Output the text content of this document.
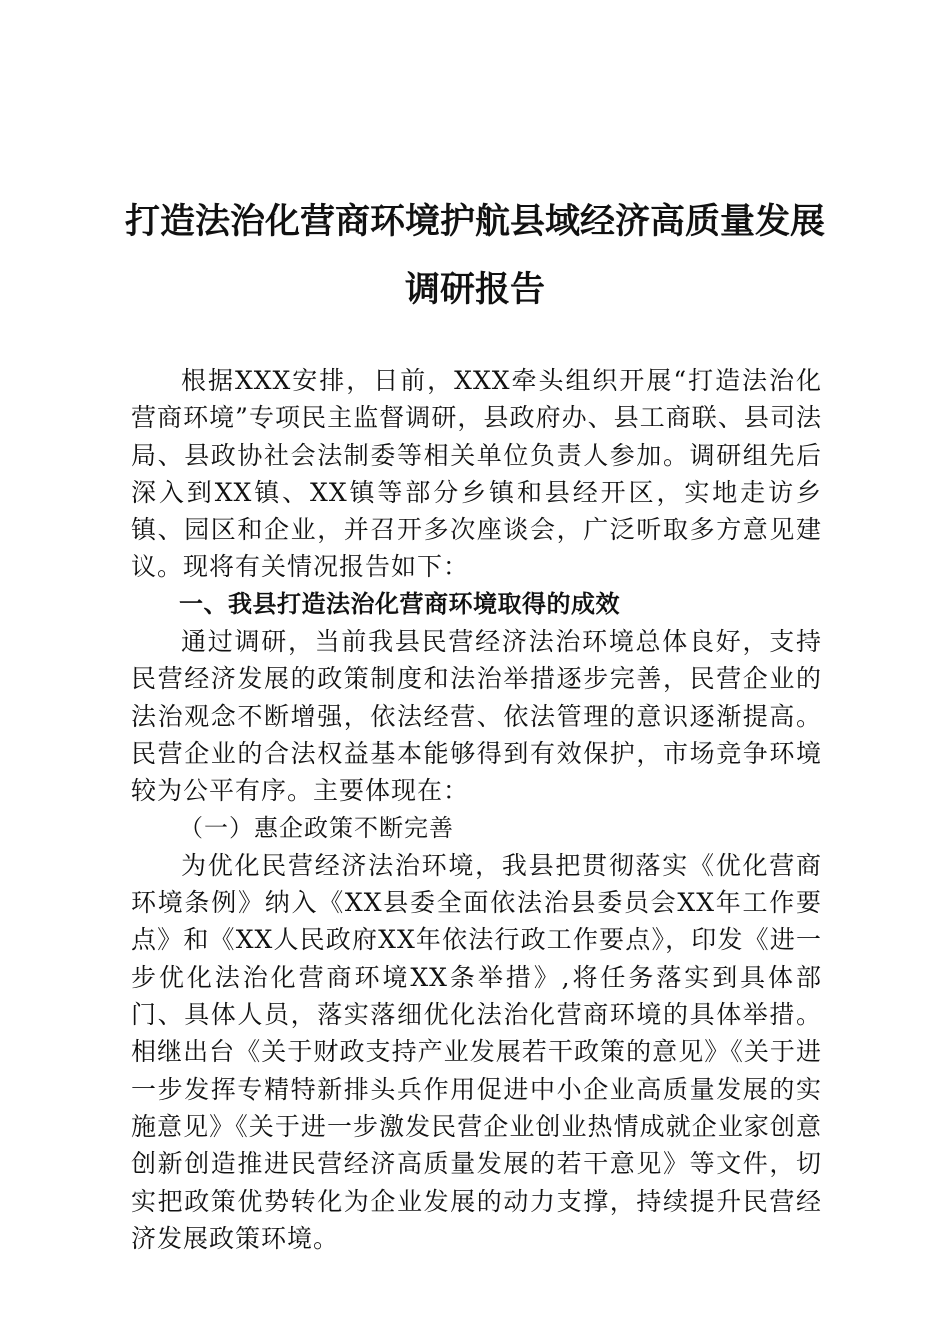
打造法治化营商环境护航县域经济高质量发展
调研报告

根据XXX安排，日前，XXX牵头组织开展“打造法治化营商环境”专项民主监督调研，县政府办、县工商联、县司法局、县政协社会法制委等相关单位负责人参加。调研组先后深入到XX镇、XX镇等部分乡镇和县经开区，实地走访乡镇、园区和企业，并召开多次座谈会，广泛听取多方意见建议。现将有关情况报告如下：

一、我县打造法治化营商环境取得的成效

通过调研，当前我县民营经济法治环境总体良好，支持民营经济发展的政策制度和法治举措逐步完善，民营企业的法治观念不断增强，依法经营、依法管理的意识逐渐提高。民营企业的合法权益基本能够得到有效保护，市场竞争环境较为公平有序。主要体现在：

（一）惠企政策不断完善

为优化民营经济法治环境，我县把贯彻落实《优化营商环境条例》纳入《XX县委全面依法治县委员会XX年工作要点》和《XX人民政府XX年依法行政工作要点》，印发《进一步优化法治化营商环境XX条举措》,将任务落实到具体部门、具体人员，落实落细优化法治化营商环境的具体举措。相继出台《关于财政支持产业发展若干政策的意见》《关于进一步发挥专精特新排头兵作用促进中小企业高质量发展的实施意见》《关于进一步激发民营企业创业热情成就企业家创意创新创造推进民营经济高质量发展的若干意见》等文件，切实把政策优势转化为企业发展的动力支撑，持续提升民营经济发展政策环境。
